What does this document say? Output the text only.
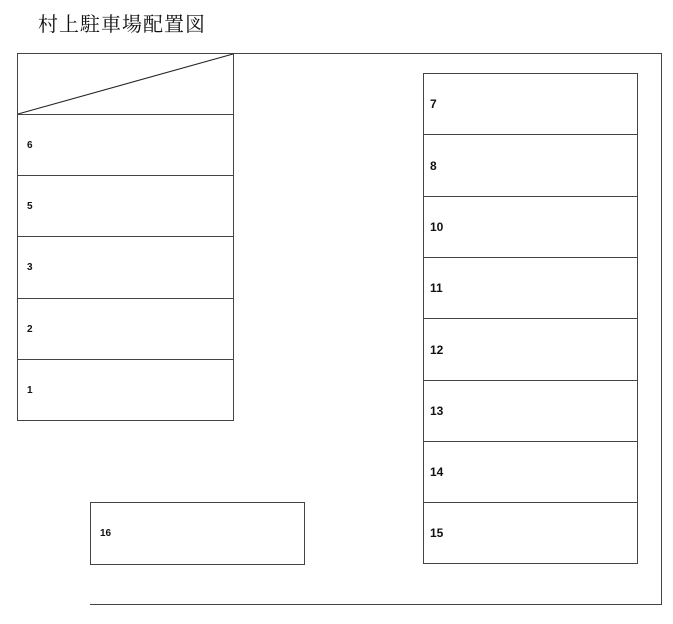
村上駐車場配置図
6
5
3
2
1
7
8
10
11
12
13
14
15
16
